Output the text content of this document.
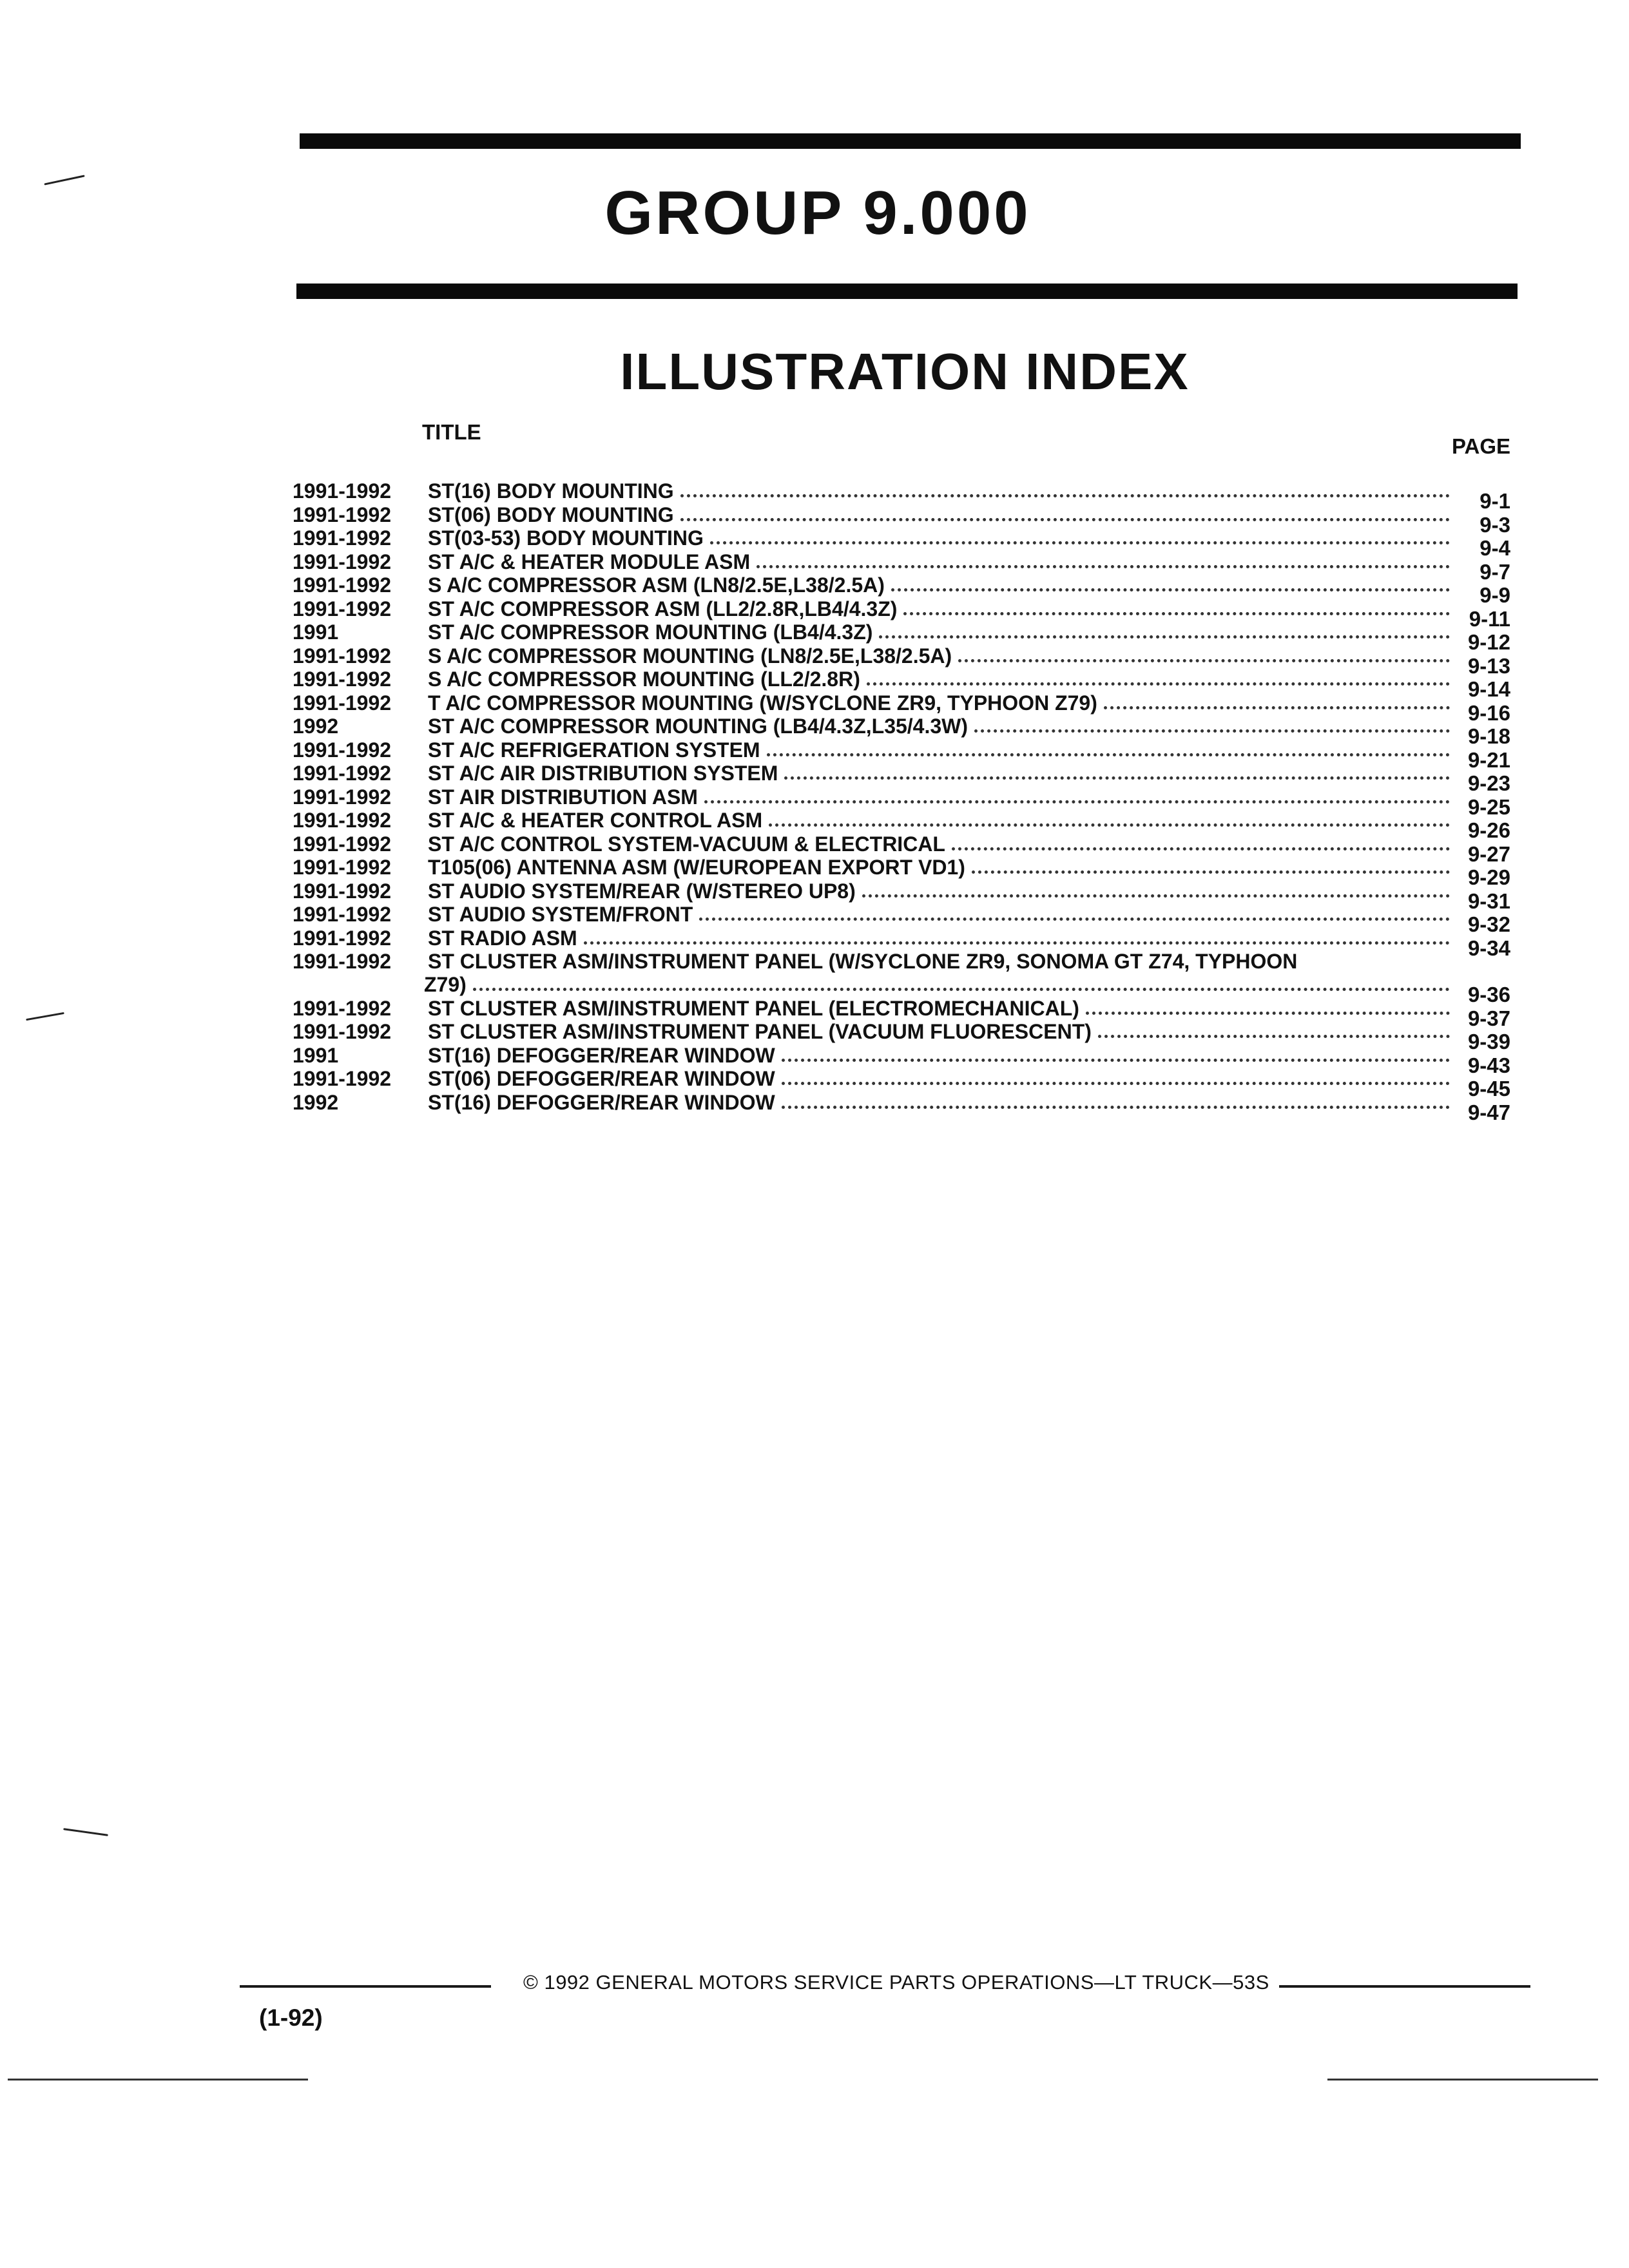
GROUP 9.000
ILLUSTRATION INDEX
TITLE
PAGE
1991-1992 ST(16) BODY MOUNTING	9-1
1991-1992 ST(06) BODY MOUNTING	9-3
1991-1992 ST(03-53) BODY MOUNTING	9-4
1991-1992 ST A/C & HEATER MODULE ASM	9-7
1991-1992 S A/C COMPRESSOR ASM (LN8/2.5E,L38/2.5A)	9-9
1991-1992 ST A/C COMPRESSOR ASM (LL2/2.8R,LB4/4.3Z)	9-11
1991	ST A/C COMPRESSOR MOUNTING (LB4/4.3Z)	9-12
1991-1992 S A/C COMPRESSOR MOUNTING (LN8/2.5E,L38/2.5A)	9-13
1991-1992 S A/C COMPRESSOR MOUNTING (LL2/2.8R)	9-14
1991-1992 T A/C COMPRESSOR MOUNTING (W/SYCLONE ZR9, TYPHOON Z79)	9-16
1992	ST A/C COMPRESSOR MOUNTING (LB4/4.3Z,L35/4.3W)	9-18
1991-1992 ST A/C REFRIGERATION SYSTEM	9-21
1991-1992 ST A/C AIR DISTRIBUTION SYSTEM	9-23
1991-1992 ST AIR DISTRIBUTION ASM	9-25
1991-1992 ST A/C & HEATER CONTROL ASM	9-26
1991-1992 ST A/C CONTROL SYSTEM-VACUUM & ELECTRICAL	9-27
1991-1992 T105(06) ANTENNA ASM (W/EUROPEAN EXPORT VD1)	9-29
1991-1992 ST AUDIO SYSTEM/REAR (W/STEREO UP8)	9-31
1991-1992 ST AUDIO SYSTEM/FRONT	9-32
1991-1992 ST RADIO ASM	9-34
1991-1992 ST CLUSTER ASM/INSTRUMENT PANEL (W/SYCLONE ZR9, SONOMA GT Z74, TYPHOON
Z79)	9-36
1991-1992 ST CLUSTER ASM/INSTRUMENT PANEL (ELECTROMECHANICAL)	9-37
1991-1992 ST CLUSTER ASM/INSTRUMENT PANEL (VACUUM FLUORESCENT)	9-39
1991	ST(16) DEFOGGER/REAR WINDOW	9-43
1991-1992 ST(06) DEFOGGER/REAR WINDOW	9-45
1992	ST(16) DEFOGGER/REAR WINDOW	9-47
© 1992 GENERAL MOTORS SERVICE PARTS OPERATIONS—LT TRUCK—53S
(1-92)
